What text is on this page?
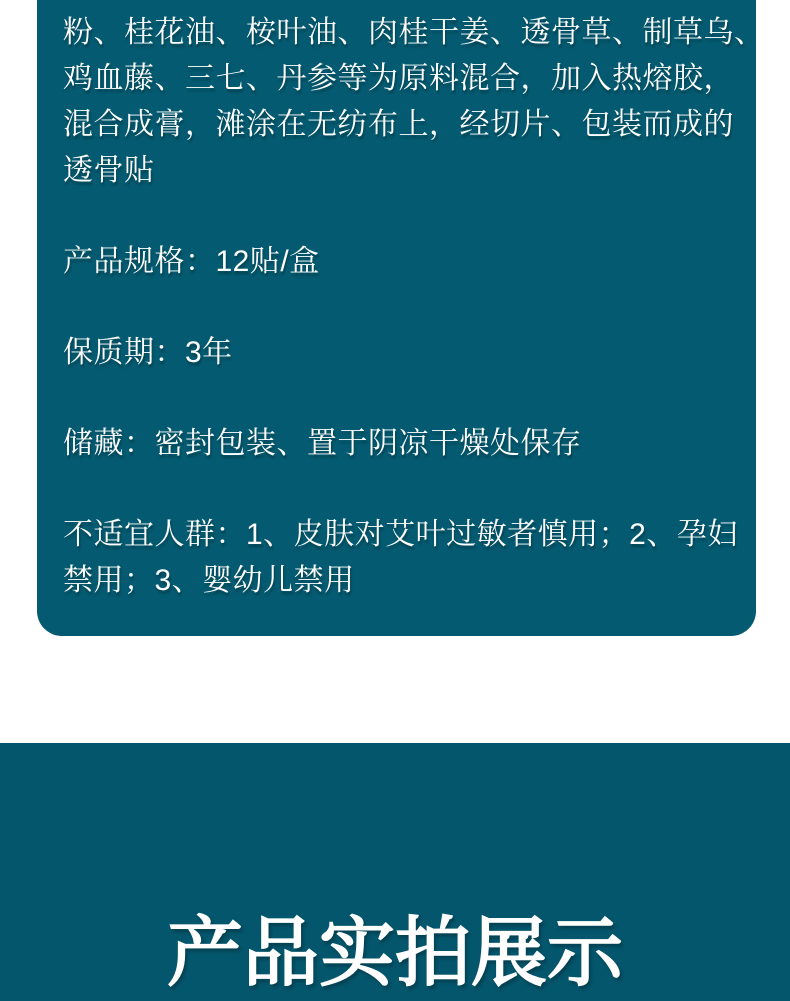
粉、桂花油、桉叶油、肉桂干姜、透骨草、制草乌、
鸡血藤、三七、丹参等为原料混合，加入热熔胶，
混合成膏，滩涂在无纺布上，经切片、包装而成的
透骨贴

产品规格：12贴/盒

保质期：3年

储藏：密封包装、置于阴凉干燥处保存

不适宜人群：1、皮肤对艾叶过敏者慎用；2、孕妇
禁用；3、婴幼儿禁用

产品实拍展示
